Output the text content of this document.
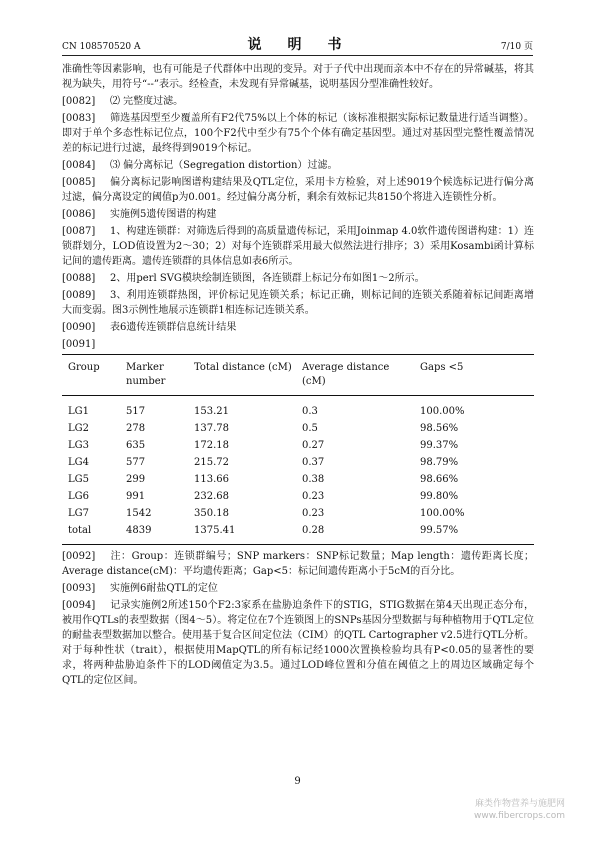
CN 108570520 A	说　明　书	7/10 页
准确性等因素影响，也有可能是子代群体中出现的变异。对于子代中出现而亲本中不存在的异常碱基，将其视为缺失，用符号“--”表示。经检查，未发现有异常碱基，说明基因分型准确性较好。
[0082] ⑵ 完整度过滤。
[0083] 筛选基因型至少覆盖所有F2代75%以上个体的标记（该标准根据实际标记数量进行适当调整）。即对于单个多态性标记位点，100个F2代中至少有75个个体有确定基因型。通过对基因型完整性覆盖情况差的标记进行过滤，最终得到9019个标记。
[0084] ⑶ 偏分离标记（Segregation distortion）过滤。
[0085] 偏分离标记影响图谱构建结果及QTL定位，采用卡方检验，对上述9019个候选标记进行偏分离过滤，偏分离设定的阈值p为0.001。经过偏分离分析，剩余有效标记共8150个将进入连锁性分析。
[0086] 实施例5遗传图谱的构建
[0087] 1、构建连锁群：对筛选后得到的高质量遗传标记，采用Joinmap 4.0软件遗传图谱构建：1）连锁群划分，LOD值设置为2～30；2）对每个连锁群采用最大似然法进行排序；3）采用Kosambi函计算标记间的遗传距离。遗传连锁群的具体信息如表6所示。
[0088] 2、用perl SVG模块绘制连锁图，各连锁群上标记分布如图1～2所示。
[0089] 3、利用连锁群热图，评价标记见连锁关系；标记正确，则标记间的连锁关系随着标记间距离增大而变弱。图3示例性地展示连锁群1相连标记连锁关系。
[0090] 表6遗传连锁群信息统计结果
[0091]
Group	Marker number	Total distance (cM)	Average distance (cM)	Gaps <5
LG1	517	153.21	0.3	100.00%
LG2	278	137.78	0.5	98.56%
LG3	635	172.18	0.27	99.37%
LG4	577	215.72	0.37	98.79%
LG5	299	113.66	0.38	98.66%
LG6	991	232.68	0.23	99.80%
LG7	1542	350.18	0.23	100.00%
total	4839	1375.41	0.28	99.57%
[0092] 注：Group：连锁群编号；SNP markers：SNP标记数量；Map length：遗传距离长度；Average distance(cM)：平均遗传距离；Gap<5：标记间遗传距离小于5cM的百分比。
[0093] 实施例6耐盐QTL的定位
[0094] 记录实施例2所述150个F2:3家系在盐胁迫条件下的STIG，STIG数据在第4天出现正态分布，被用作QTLs的表型数据（图4～5）。将定位在7个连锁图上的SNPs基因分型数据与每种植物用于QTL定位的耐盐表型数据加以整合。使用基于复合区间定位法（CIM）的QTL Cartographer v2.5进行QTL分析。对于每种性状（trait），根据使用MapQTL的所有标记经1000次置换检验均具有P<0.05的显著性的要求，将两种盐胁迫条件下的LOD阈值定为3.5。通过LOD峰位置和分值在阈值之上的周边区域确定每个QTL的定位区间。
9
麻类作物营养与施肥网
www.fibercrops.com
